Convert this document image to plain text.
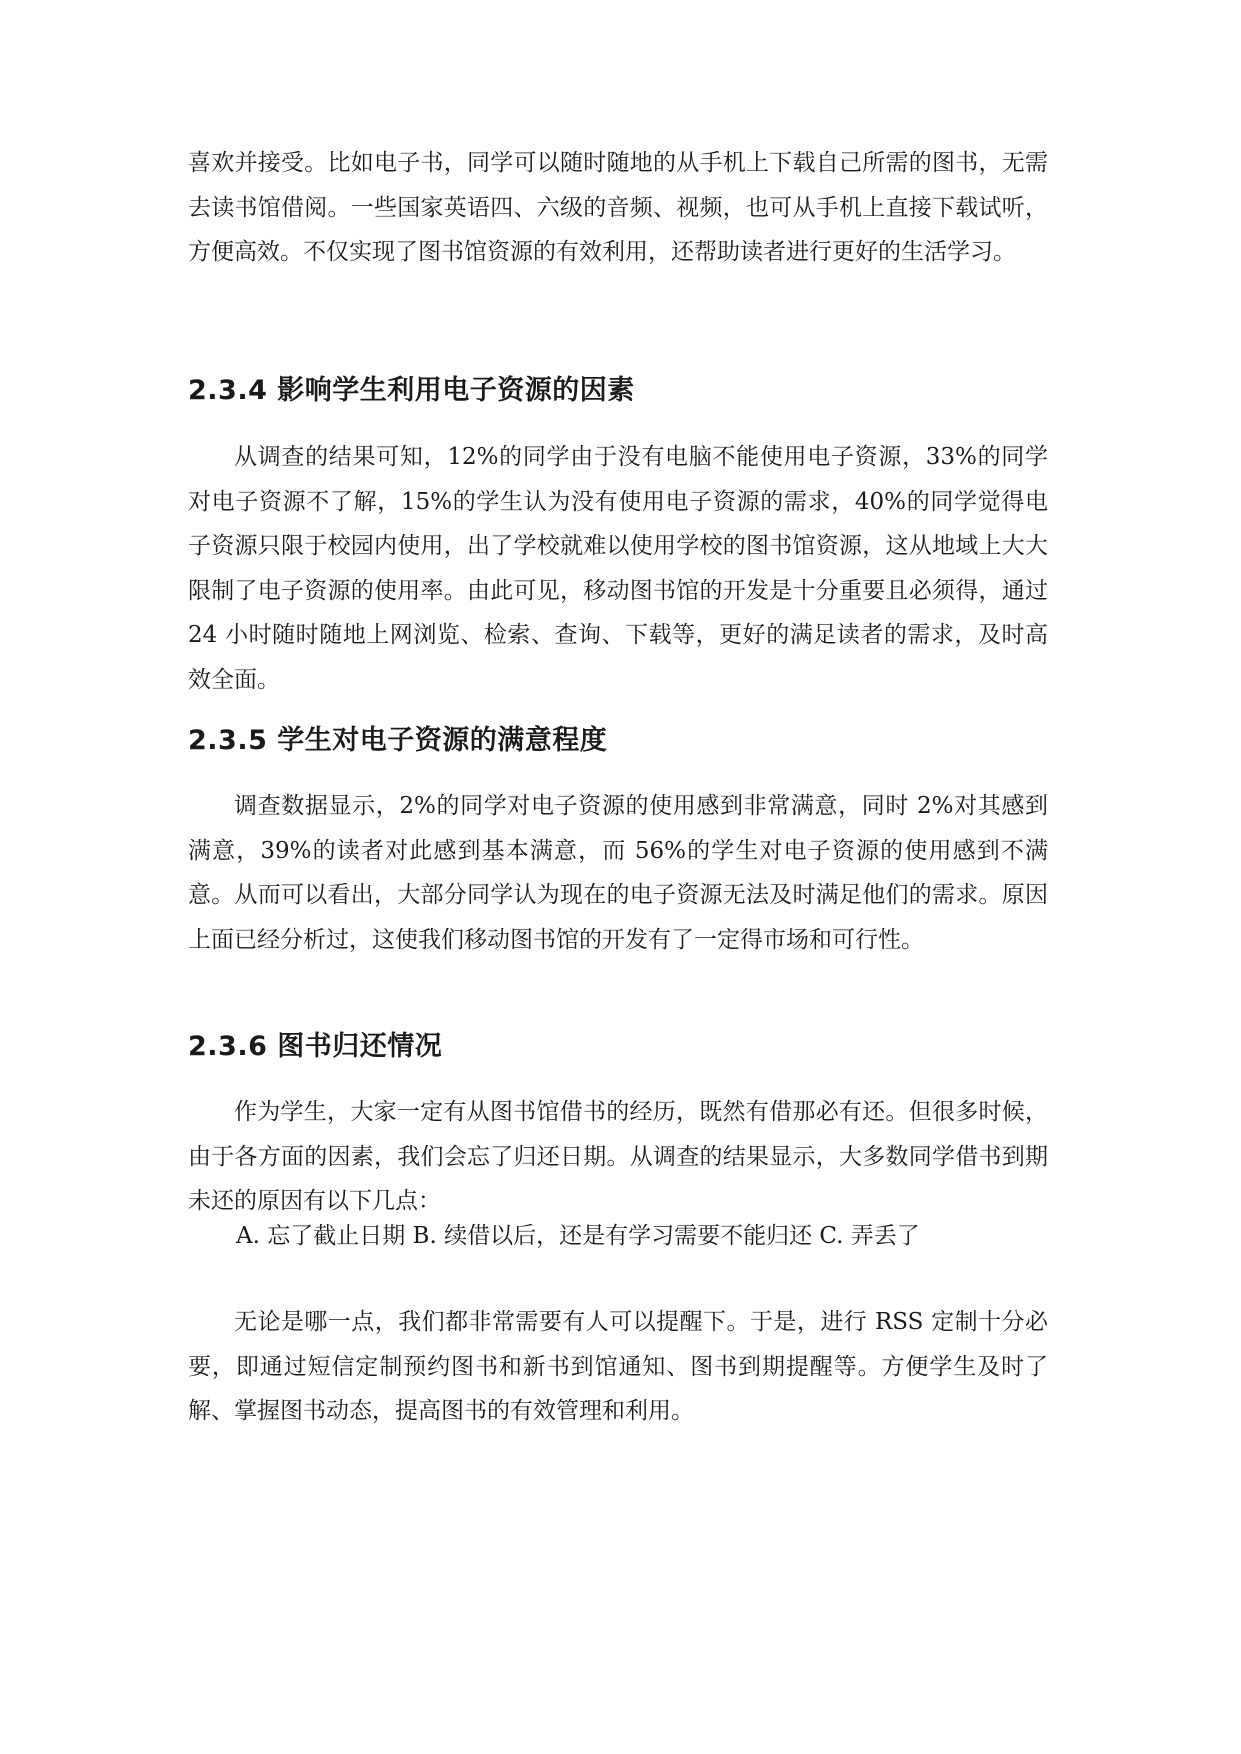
喜欢并接受。比如电子书，同学可以随时随地的从手机上下载自己所需的图书，无需去读书馆借阅。一些国家英语四、六级的音频、视频，也可从手机上直接下载试听，方便高效。不仅实现了图书馆资源的有效利用，还帮助读者进行更好的生活学习。

2.3.4 影响学生利用电子资源的因素

从调查的结果可知，12%的同学由于没有电脑不能使用电子资源，33%的同学对电子资源不了解，15%的学生认为没有使用电子资源的需求，40%的同学觉得电子资源只限于校园内使用，出了学校就难以使用学校的图书馆资源，这从地域上大大限制了电子资源的使用率。由此可见，移动图书馆的开发是十分重要且必须得，通过 24 小时随时随地上网浏览、检索、查询、下载等，更好的满足读者的需求，及时高效全面。

2.3.5 学生对电子资源的满意程度

调查数据显示，2%的同学对电子资源的使用感到非常满意，同时 2%对其感到满意，39%的读者对此感到基本满意，而 56%的学生对电子资源的使用感到不满意。从而可以看出，大部分同学认为现在的电子资源无法及时满足他们的需求。原因上面已经分析过，这使我们移动图书馆的开发有了一定得市场和可行性。

2.3.6 图书归还情况

作为学生，大家一定有从图书馆借书的经历，既然有借那必有还。但很多时候，由于各方面的因素，我们会忘了归还日期。从调查的结果显示，大多数同学借书到期未还的原因有以下几点：

A. 忘了截止日期 B. 续借以后，还是有学习需要不能归还 C. 弄丢了

无论是哪一点，我们都非常需要有人可以提醒下。于是，进行 RSS 定制十分必要，即通过短信定制预约图书和新书到馆通知、图书到期提醒等。方便学生及时了解、掌握图书动态，提高图书的有效管理和利用。
